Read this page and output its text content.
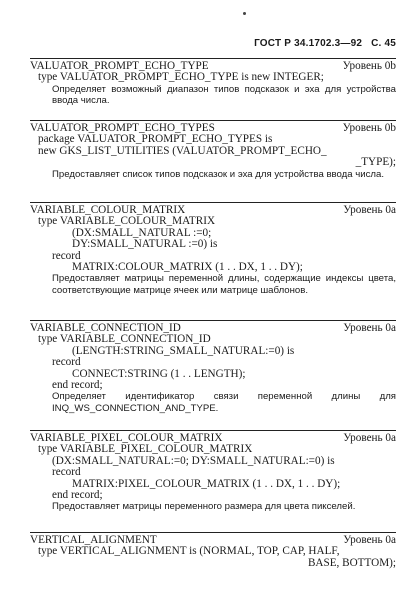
ГОСТ Р 34.1702.3—92 С. 45
VALUATOR_PROMPT_ECHO_TYPE	Уровень 0b
type VALUATOR_PROMPT_ECHO_TYPE is new INTEGER;
Определяет возможный диапазон типов подсказок и эха для устройства ввода числа.
VALUATOR_PROMPT_ECHO_TYPES	Уровень 0b
package VALUATOR_PROMPT_ECHO_TYPES is
new GKS_LIST_UTILITIES (VALUATOR_PROMPT_ECHO_
_TYPE);
Предоставляет список типов подсказок и эха для устройства ввода числа.
VARIABLE_COLOUR_MATRIX	Уровень 0a
type VARIABLE_COLOUR_MATRIX
(DX:SMALL_NATURAL :=0;
DY:SMALL_NATURAL :=0) is
record
MATRIX:COLOUR_MATRIX (1 . . DX, 1 . . DY);
Предоставляет матрицы переменной длины, содержащие индексы цвета, соответствующие матрице ячеек или матрице шаблонов.
VARIABLE_CONNECTION_ID	Уровень 0a
type VARIABLE_CONNECTION_ID
(LENGTH:STRING_SMALL_NATURAL:=0) is
record
CONNECT:STRING (1 . . LENGTH);
end record;
Определяет идентификатор связи переменной длины для INQ_WS_CONNECTION_AND_TYPE.
VARIABLE_PIXEL_COLOUR_MATRIX	Уровень 0a
type VARIABLE_PIXEL_COLOUR_MATRIX
(DX:SMALL_NATURAL:=0; DY:SMALL_NATURAL:=0) is
record
MATRIX:PIXEL_COLOUR_MATRIX (1 . . DX, 1 . . DY);
end record;
Предоставляет матрицы переменного размера для цвета пикселей.
VERTICAL_ALIGNMENT	Уровень 0a
type VERTICAL_ALIGNMENT is (NORMAL, TOP, CAP, HALF,
BASE, BOTTOM);
